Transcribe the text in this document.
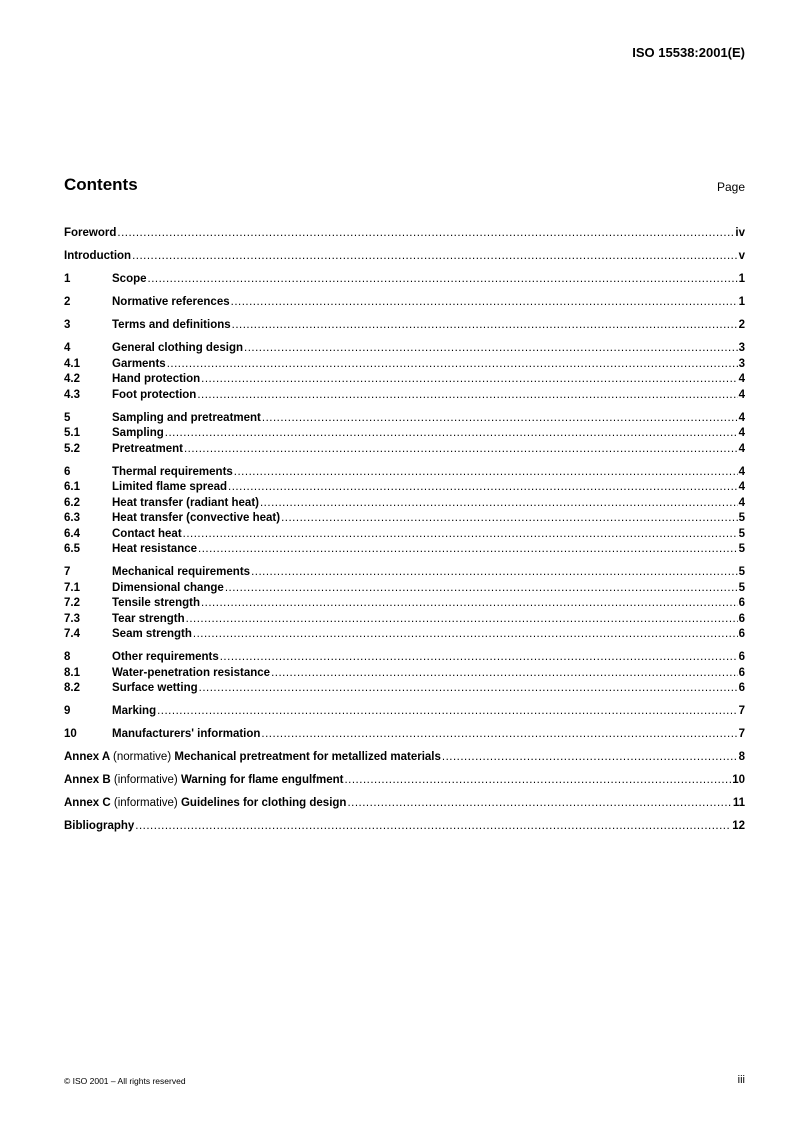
ISO 15538:2001(E)
Contents	Page
Foreword .....	iv
Introduction .....	v
1	Scope .....	1
2	Normative references .....	1
3	Terms and definitions .....	2
4	General clothing design .....	3
4.1	Garments .....	3
4.2	Hand protection .....	4
4.3	Foot protection .....	4
5	Sampling and pretreatment .....	4
5.1	Sampling .....	4
5.2	Pretreatment .....	4
6	Thermal requirements .....	4
6.1	Limited flame spread .....	4
6.2	Heat transfer (radiant heat) .....	4
6.3	Heat transfer (convective heat) .....	5
6.4	Contact heat .....	5
6.5	Heat resistance .....	5
7	Mechanical requirements .....	5
7.1	Dimensional change .....	5
7.2	Tensile strength .....	6
7.3	Tear strength .....	6
7.4	Seam strength .....	6
8	Other requirements .....	6
8.1	Water-penetration resistance .....	6
8.2	Surface wetting .....	6
9	Marking .....	7
10	Manufacturers' information .....	7
Annex A (normative) Mechanical pretreatment for metallized materials .....	8
Annex B (informative) Warning for flame engulfment .....	10
Annex C (informative) Guidelines for clothing design .....	11
Bibliography .....	12
© ISO 2001 – All rights reserved	iii
